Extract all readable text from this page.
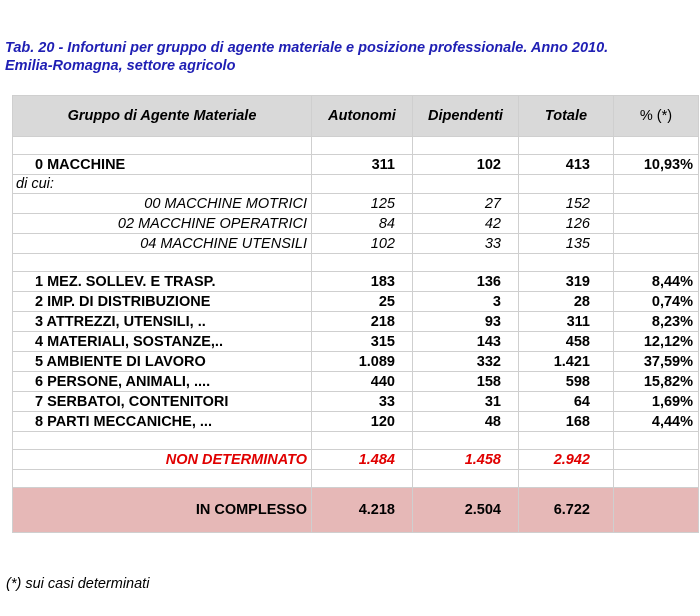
Tab. 20 - Infortuni per gruppo di agente materiale e posizione professionale. Anno 2010.
Emilia-Romagna, settore agricolo
Gruppo di Agente Materiale	Autonomi	Dipendenti	Totale	% (*)

0 MACCHINE	311	102	413	10,93%
di cui:				
00 MACCHINE MOTRICI	125	27	152	
02 MACCHINE OPERATRICI	84	42	126	
04 MACCHINE UTENSILI	102	33	135	

1 MEZ. SOLLEV. E TRASP.	183	136	319	8,44%
2 IMP. DI DISTRIBUZIONE	25	3	28	0,74%
3 ATTREZZI, UTENSILI, ..	218	93	311	8,23%
4 MATERIALI, SOSTANZE,..	315	143	458	12,12%
5 AMBIENTE DI LAVORO	1.089	332	1.421	37,59%
6 PERSONE, ANIMALI, ....	440	158	598	15,82%
7 SERBATOI, CONTENITORI	33	31	64	1,69%
8 PARTI MECCANICHE, ...	120	48	168	4,44%

NON DETERMINATO	1.484	1.458	2.942	

IN COMPLESSO	4.218	2.504	6.722	
(*) sui casi determinati
